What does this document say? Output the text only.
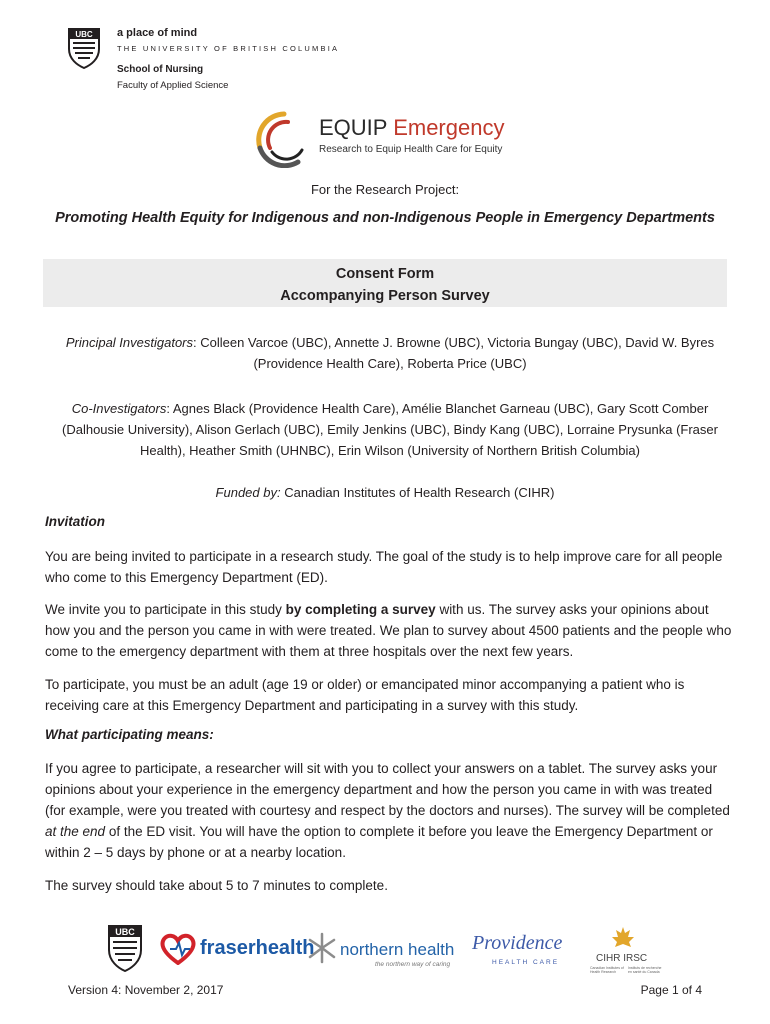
UBC a place of mind
THE UNIVERSITY OF BRITISH COLUMBIA
School of Nursing
Faculty of Applied Science
EQUIP Emergency
Research to Equip Health Care for Equity
For the Research Project:
Promoting Health Equity for Indigenous and non-Indigenous People in Emergency Departments
Consent Form
Accompanying Person Survey
Principal Investigators: Colleen Varcoe (UBC), Annette J. Browne (UBC), Victoria Bungay (UBC), David W. Byres (Providence Health Care), Roberta Price (UBC)
Co-Investigators: Agnes Black (Providence Health Care), Amélie Blanchet Garneau (UBC), Gary Scott Comber (Dalhousie University), Alison Gerlach (UBC), Emily Jenkins (UBC), Bindy Kang (UBC), Lorraine Prysunka (Fraser Health), Heather Smith (UHNBC), Erin Wilson (University of Northern British Columbia)
Funded by: Canadian Institutes of Health Research (CIHR)
Invitation
You are being invited to participate in a research study. The goal of the study is to help improve care for all people who come to this Emergency Department (ED).
We invite you to participate in this study by completing a survey with us. The survey asks your opinions about how you and the person you came in with were treated. We plan to survey about 4500 patients and the people who come to the emergency department with them at three hospitals over the next few years.
To participate, you must be an adult (age 19 or older) or emancipated minor accompanying a patient who is receiving care at this Emergency Department and participating in a survey with this study.
What participating means:
If you agree to participate, a researcher will sit with you to collect your answers on a tablet. The survey asks your opinions about your experience in the emergency department and how the person you came in with was treated (for example, were you treated with courtesy and respect by the doctors and nurses). The survey will be completed at the end of the ED visit. You will have the option to complete it before you leave the Emergency Department or within 2 – 5 days by phone or at a nearby location.
The survey should take about 5 to 7 minutes to complete.
UBC
fraserhealth northern health
the northern way of caring
Providence
HEALTH CARE	CIHR IRSC
Canadian Institutes of Health Research
Instituts de recherche en santé du Canada
Version 4: November 2, 2017	Page 1 of 4
